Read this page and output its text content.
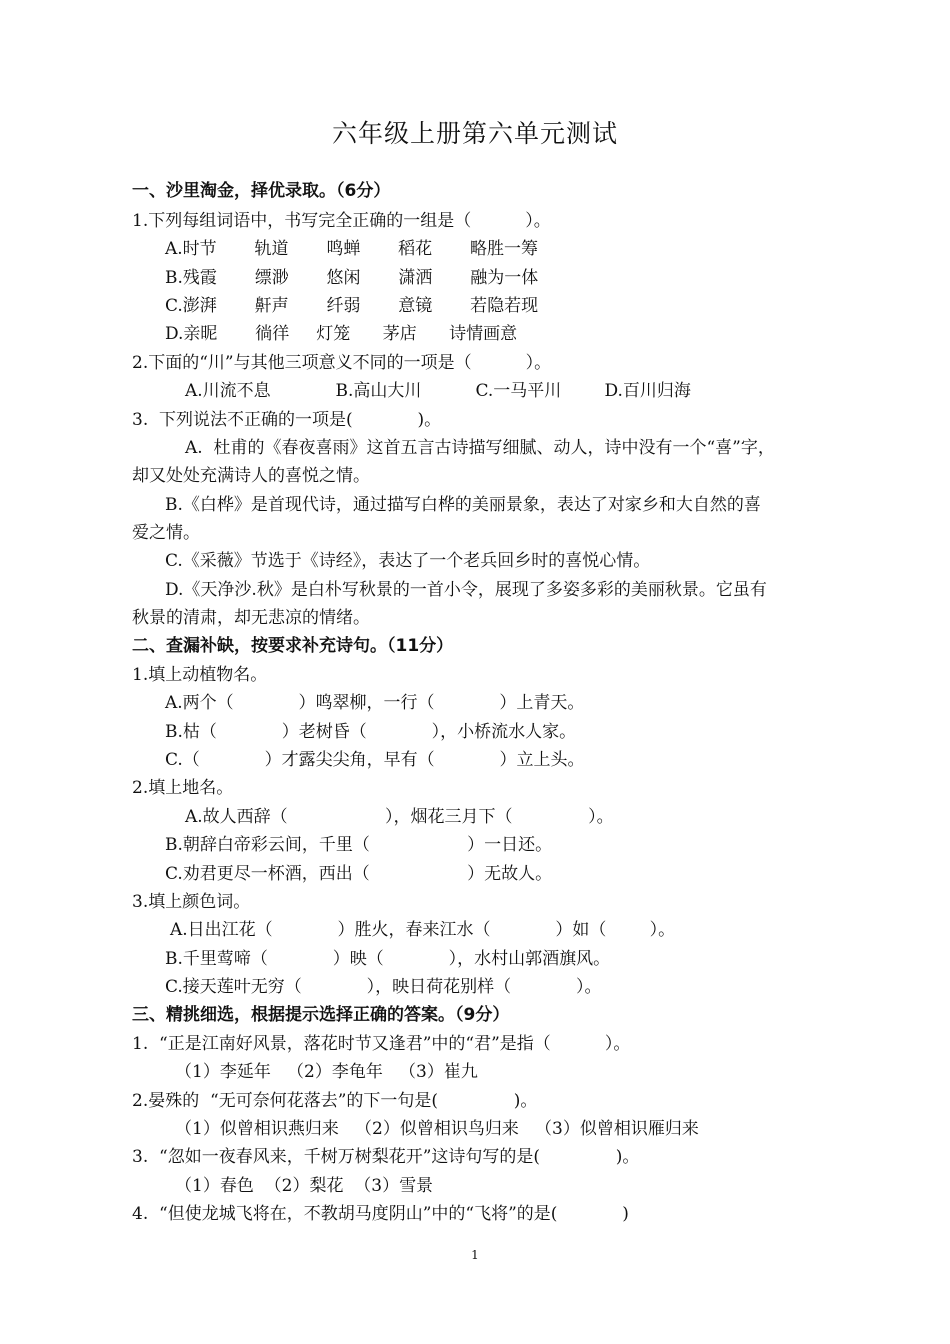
六年级上册第六单元测试
一、沙里淘金，择优录取。（6分）
1.下列每组词语中，书写完全正确的一组是（          ）。
A.时节       轨道       鸣蝉       稻花       略胜一筹
B.残霞       缥渺       悠闲       潇洒       融为一体
C.澎湃       鼾声       纤弱       意镜       若隐若现
D.亲昵       徜徉     灯笼      茅店      诗情画意
2.下面的“川”与其他三项意义不同的一项是（          ）。
A.川流不息            B.高山大川          C.一马平川        D.百川归海
3.  下列说法不正确的一项是(            )。
A.  杜甫的《春夜喜雨》这首五言古诗描写细腻、动人，诗中没有一个“喜”字，
却又处处充满诗人的喜悦之情。
B.《白桦》是首现代诗，通过描写白桦的美丽景象，表达了对家乡和大自然的喜
爱之情。
C.《采薇》节选于《诗经》，表达了一个老兵回乡时的喜悦心情。
D.《天净沙.秋》是白朴写秋景的一首小令，展现了多姿多彩的美丽秋景。它虽有
秋景的清肃，却无悲凉的情绪。
二、查漏补缺，按要求补充诗句。（11分）
1.填上动植物名。
A.两个（            ）鸣翠柳，一行（            ）上青天。
B.枯（            ）老树昏（            ），小桥流水人家。
C.（            ）才露尖尖角，早有（            ）立上头。
2.填上地名。
A.故人西辞（                  ），烟花三月下（              ）。
B.朝辞白帝彩云间，千里（                  ）一日还。
C.劝君更尽一杯酒，西出（                  ）无故人。
3.填上颜色词。
A.日出江花（            ）胜火，春来江水（            ）如（        ）。
B.千里莺啼（            ）映（            ），水村山郭酒旗风。
C.接天莲叶无穷（            ），映日荷花别样（            ）。
三、精挑细选，根据提示选择正确的答案。（9分）
1.  “正是江南好风景，落花时节又逢君”中的“君”是指（          ）。
（1）李延年   （2）李龟年   （3）崔九
2.晏殊的  “无可奈何花落去”的下一句是(              )。
（1）似曾相识燕归来   （2）似曾相识鸟归来   （3）似曾相识雁归来
3.  “忽如一夜春风来，千树万树梨花开”这诗句写的是(              )。
（1）春色  （2）梨花  （3）雪景
4.  “但使龙城飞将在，不教胡马度阴山”中的“飞将”的是(            )
1
